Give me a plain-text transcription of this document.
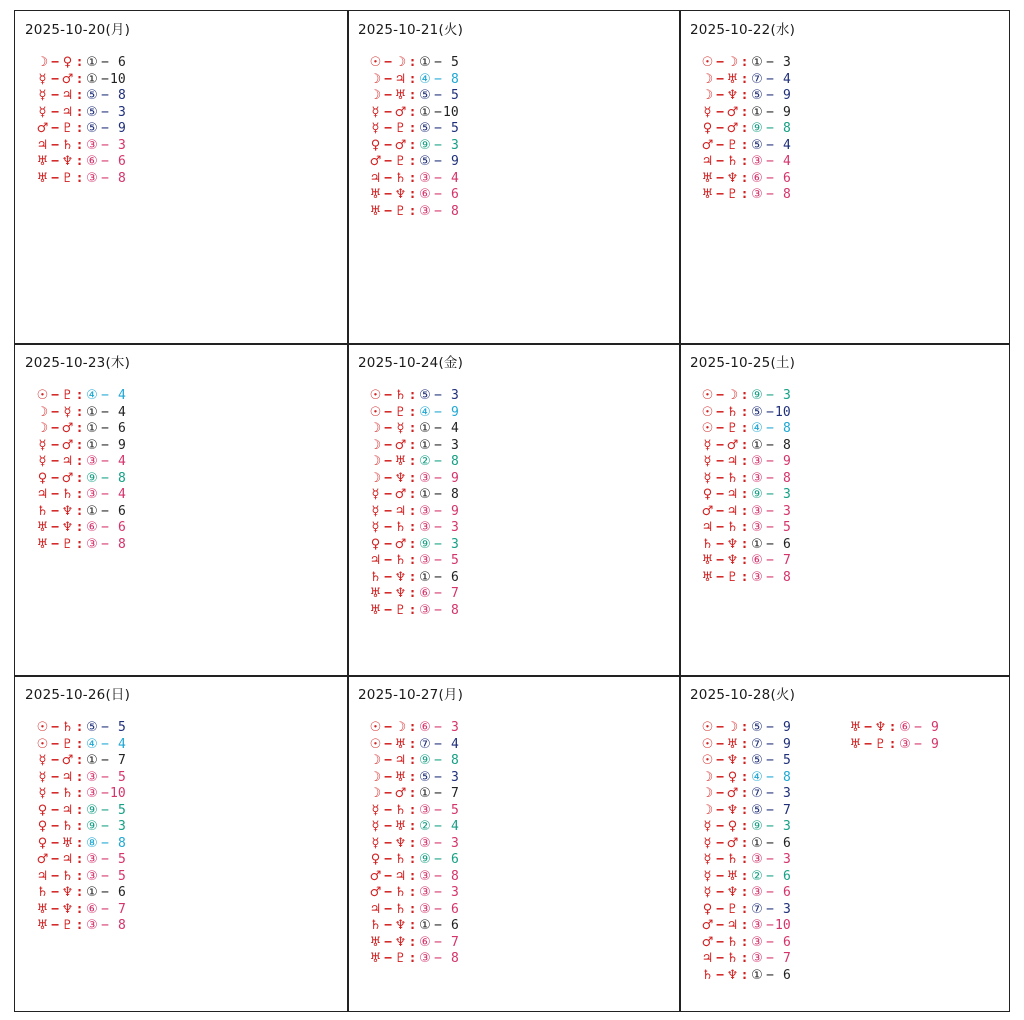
2025-10-20(月)
☽ − ♀ : ① − 6
☿ − ♂ : ① −10
☿ − ♃ : ⑤ − 8
☿ − ♃ : ⑤ − 3
♂ − ♇ : ⑤ − 9
♃ − ♄ : ③ − 3
♅ − ♆ : ⑥ − 6
♅ − ♇ : ③ − 8
2025-10-21(火)
☉ − ☽ : ① − 5
☽ − ♃ : ④ − 8
☽ − ♅ : ⑤ − 5
☿ − ♂ : ① −10
☿ − ♇ : ⑤ − 5
♀ − ♂ : ⑨ − 3
♂ − ♇ : ⑤ − 9
♃ − ♄ : ③ − 4
♅ − ♆ : ⑥ − 6
♅ − ♇ : ③ − 8
2025-10-22(水)
☉ − ☽ : ① − 3
☽ − ♅ : ⑦ − 4
☽ − ♆ : ⑤ − 9
☿ − ♂ : ① − 9
♀ − ♂ : ⑨ − 8
♂ − ♇ : ⑤ − 4
♃ − ♄ : ③ − 4
♅ − ♆ : ⑥ − 6
♅ − ♇ : ③ − 8
2025-10-23(木)
☉ − ♇ : ④ − 4
☽ − ☿ : ① − 4
☽ − ♂ : ① − 6
☿ − ♂ : ① − 9
☿ − ♃ : ③ − 4
♀ − ♂ : ⑨ − 8
♃ − ♄ : ③ − 4
♄ − ♆ : ① − 6
♅ − ♆ : ⑥ − 6
♅ − ♇ : ③ − 8
2025-10-24(金)
☉ − ♄ : ⑤ − 3
☉ − ♇ : ④ − 9
☽ − ☿ : ① − 4
☽ − ♂ : ① − 3
☽ − ♅ : ② − 8
☽ − ♆ : ③ − 9
☿ − ♂ : ① − 8
☿ − ♃ : ③ − 9
☿ − ♄ : ③ − 3
♀ − ♂ : ⑨ − 3
♃ − ♄ : ③ − 5
♄ − ♆ : ① − 6
♅ − ♆ : ⑥ − 7
♅ − ♇ : ③ − 8
2025-10-25(土)
☉ − ☽ : ⑨ − 3
☉ − ♄ : ⑤ −10
☉ − ♇ : ④ − 8
☿ − ♂ : ① − 8
☿ − ♃ : ③ − 9
☿ − ♄ : ③ − 8
♀ − ♃ : ⑨ − 3
♂ − ♃ : ③ − 3
♃ − ♄ : ③ − 5
♄ − ♆ : ① − 6
♅ − ♆ : ⑥ − 7
♅ − ♇ : ③ − 8
2025-10-26(日)
☉ − ♄ : ⑤ − 5
☉ − ♇ : ④ − 4
☿ − ♂ : ① − 7
☿ − ♃ : ③ − 5
☿ − ♄ : ③ −10
♀ − ♃ : ⑨ − 5
♀ − ♄ : ⑨ − 3
♀ − ♅ : ⑧ − 8
♂ − ♃ : ③ − 5
♃ − ♄ : ③ − 5
♄ − ♆ : ① − 6
♅ − ♆ : ⑥ − 7
♅ − ♇ : ③ − 8
2025-10-27(月)
☉ − ☽ : ⑥ − 3
☉ − ♅ : ⑦ − 4
☽ − ♃ : ⑨ − 8
☽ − ♅ : ⑤ − 3
☽ − ♂ : ① − 7
☿ − ♄ : ③ − 5
☿ − ♅ : ② − 4
☿ − ♆ : ③ − 3
♀ − ♄ : ⑨ − 6
♂ − ♃ : ③ − 8
♂ − ♄ : ③ − 3
♃ − ♄ : ③ − 6
♄ − ♆ : ① − 6
♅ − ♆ : ⑥ − 7
♅ − ♇ : ③ − 8
2025-10-28(火)
☉ − ☽ : ⑤ − 9
☉ − ♅ : ⑦ − 9
☉ − ♆ : ⑤ − 5
☽ − ♀ : ④ − 8
☽ − ♂ : ⑦ − 3
☽ − ♆ : ⑤ − 7
☿ − ♀ : ⑨ − 3
☿ − ♂ : ① − 6
☿ − ♄ : ③ − 3
☿ − ♅ : ② − 6
☿ − ♆ : ③ − 6
♀ − ♇ : ⑦ − 3
♂ − ♃ : ③ −10
♂ − ♄ : ③ − 6
♃ − ♄ : ③ − 7
♄ − ♆ : ① − 6
♅ − ♆ : ⑥ − 9
♅ − ♇ : ③ − 9
